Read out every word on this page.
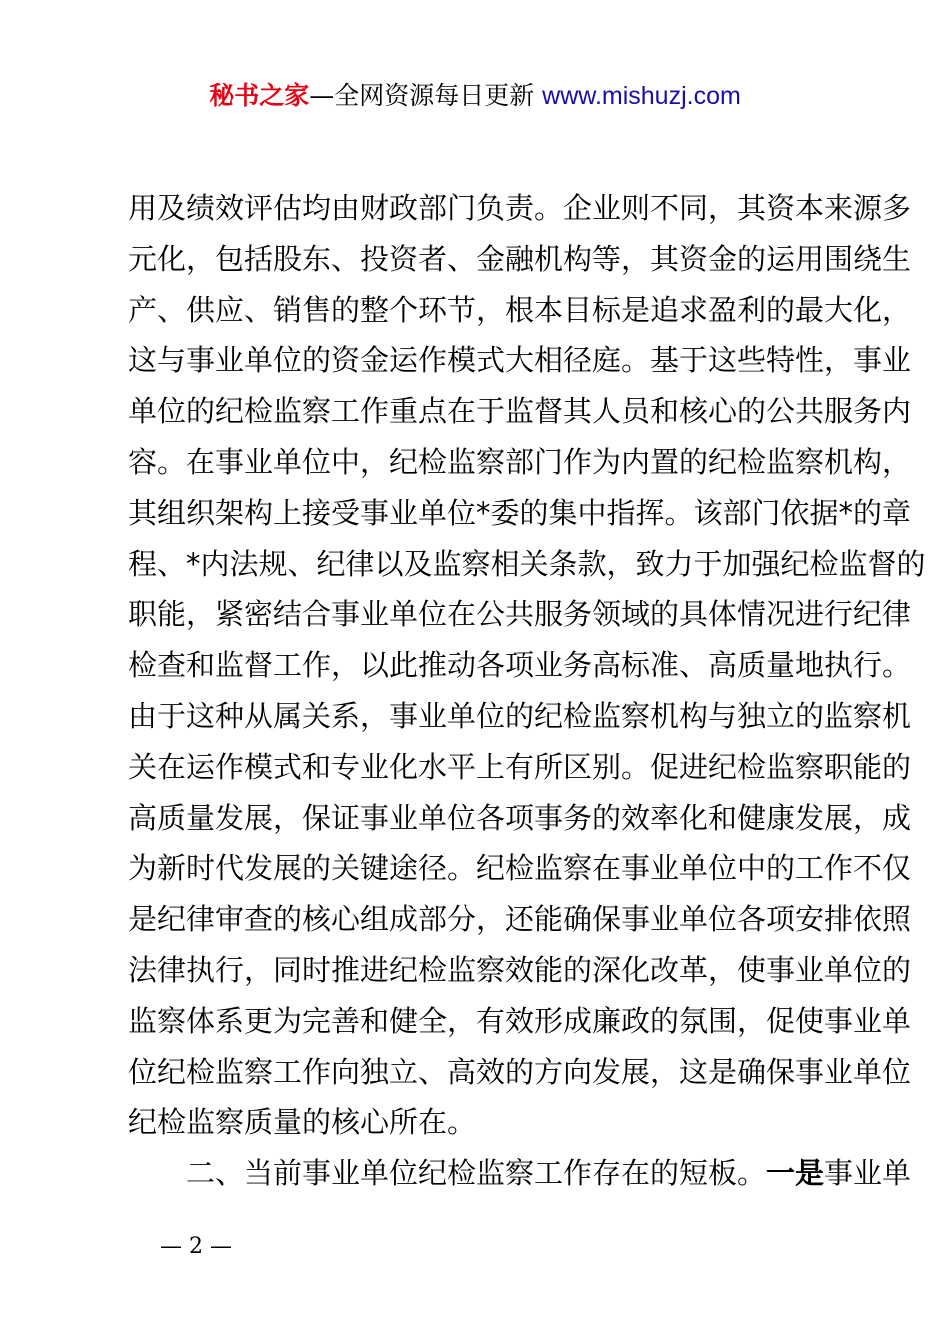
秘书之家—全网资源每日更新 www.mishuzj.com
用及绩效评估均由财政部门负责。企业则不同，其资本来源多
元化，包括股东、投资者、金融机构等，其资金的运用围绕生
产、供应、销售的整个环节，根本目标是追求盈利的最大化，
这与事业单位的资金运作模式大相径庭。基于这些特性，事业
单位的纪检监察工作重点在于监督其人员和核心的公共服务内
容。在事业单位中，纪检监察部门作为内置的纪检监察机构，
其组织架构上接受事业单位*委的集中指挥。该部门依据*的章
程、*内法规、纪律以及监察相关条款，致力于加强纪检监督的
职能，紧密结合事业单位在公共服务领域的具体情况进行纪律
检查和监督工作，以此推动各项业务高标准、高质量地执行。
由于这种从属关系，事业单位的纪检监察机构与独立的监察机
关在运作模式和专业化水平上有所区别。促进纪检监察职能的
高质量发展，保证事业单位各项事务的效率化和健康发展，成
为新时代发展的关键途径。纪检监察在事业单位中的工作不仅
是纪律审查的核心组成部分，还能确保事业单位各项安排依照
法律执行，同时推进纪检监察效能的深化改革，使事业单位的
监察体系更为完善和健全，有效形成廉政的氛围，促使事业单
位纪检监察工作向独立、高效的方向发展，这是确保事业单位
纪检监察质量的核心所在。
二、当前事业单位纪检监察工作存在的短板。一是事业单
— 2 —
